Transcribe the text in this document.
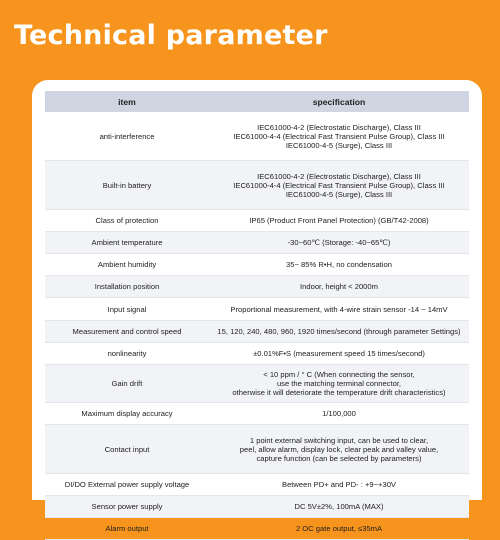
Technical parameter
item	specification
anti-interference	IEC61000-4-2 (Electrostatic Discharge), Class III
IEC61000-4-4 (Electrical Fast Transient Pulse Group), Class III
IEC61000-4-5 (Surge), Class III

Built-in battery	IEC61000-4-2 (Electrostatic Discharge), Class III
IEC61000-4-4 (Electrical Fast Transient Pulse Group), Class III
IEC61000-4-5 (Surge), Class III

Class of protection	IP65 (Product Front Panel Protection) (GB/T42-2008)
Ambient temperature	-30~60℃ (Storage: -40~65℃)
Ambient humidity	35~ 85% R•H, no condensation
Installation position	Indoor, height < 2000m
Input signal	Proportional measurement, with 4-wire strain sensor -14 ~ 14mV
Measurement and control speed	15, 120, 240, 480, 960, 1920 times/second (through parameter Settings)
nonlinearity	±0.01%F•S (measurement speed 15 times/second)
Gain drift	< 10 ppm / ° C (When connecting the sensor,
use the matching terminal connector,
otherwise it will deteriorate the temperature drift characteristics)

Maximum display accuracy	1/100,000
Contact input	1 point external switching input, can be used to clear,
peel, allow alarm, display lock, clear peak and valley value,
capture function (can be selected by parameters)

DI/DO External power supply voltage	Between PD+ and PD- : +9~+30V
Sensor power supply	DC 5V±2%, 100mA (MAX)
Alarm output	2 OC gate output, ≤35mA
